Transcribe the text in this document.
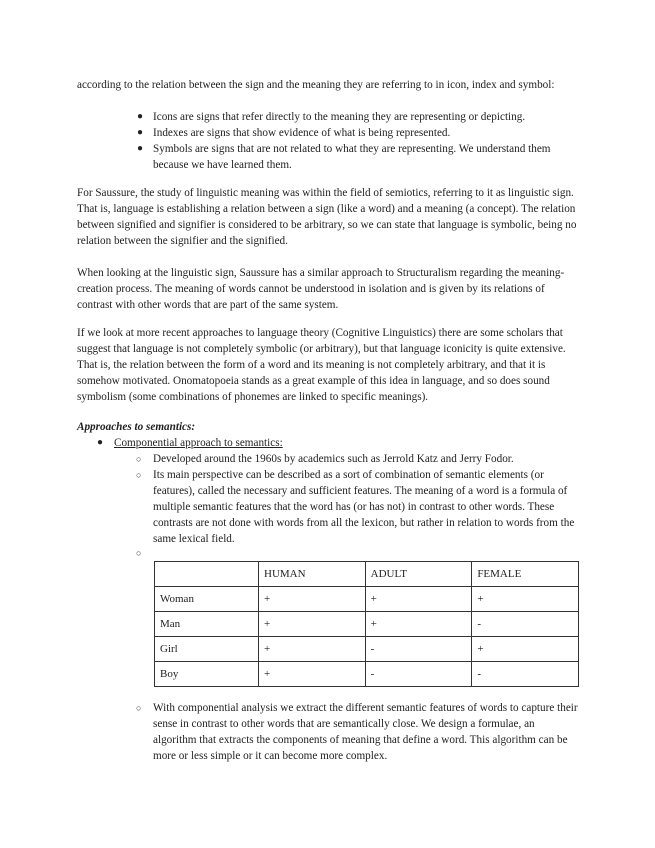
according to the relation between the sign and the meaning they are referring to in icon, index and symbol:

● Icons are signs that refer directly to the meaning they are representing or depicting.

● Indexes are signs that show evidence of what is being represented.

● Symbols are signs that are not related to what they are representing. We understand them because we have learned them.

For Saussure, the study of linguistic meaning was within the field of semiotics, referring to it as linguistic sign. That is, language is establishing a relation between a sign (like a word) and a meaning (a concept). The relation between signified and signifier is considered to be arbitrary, so we can state that language is symbolic, being no relation between the signifier and the signified.

When looking at the linguistic sign, Saussure has a similar approach to Structuralism regarding the meaning-creation process. The meaning of words cannot be understood in isolation and is given by its relations of contrast with other words that are part of the same system.

If we look at more recent approaches to language theory (Cognitive Linguistics) there are some scholars that suggest that language is not completely symbolic (or arbitrary), but that language iconicity is quite extensive. That is, the relation between the form of a word and its meaning is not completely arbitrary, and that it is somehow motivated. Onomatopoeia stands as a great example of this idea in language, and so does sound symbolism (some combinations of phonemes are linked to specific meanings).

Approaches to semantics:

● Componential approach to semantics:

○ Developed around the 1960s by academics such as Jerrold Katz and Jerry Fodor.

○ Its main perspective can be described as a sort of combination of semantic elements (or features), called the necessary and sufficient features. The meaning of a word is a formula of multiple semantic features that the word has (or has not) in contrast to other words. These contrasts are not done with words from all the lexicon, but rather in relation to words from the same lexical field.

○
	HUMAN	ADULT	FEMALE
Woman	+	+	+
Man	+	+	-
Girl	+	-	+
Boy	+	-	-
○ With componential analysis we extract the different semantic features of words to capture their sense in contrast to other words that are semantically close. We design a formulae, an algorithm that extracts the components of meaning that define a word. This algorithm can be more or less simple or it can become more complex.
